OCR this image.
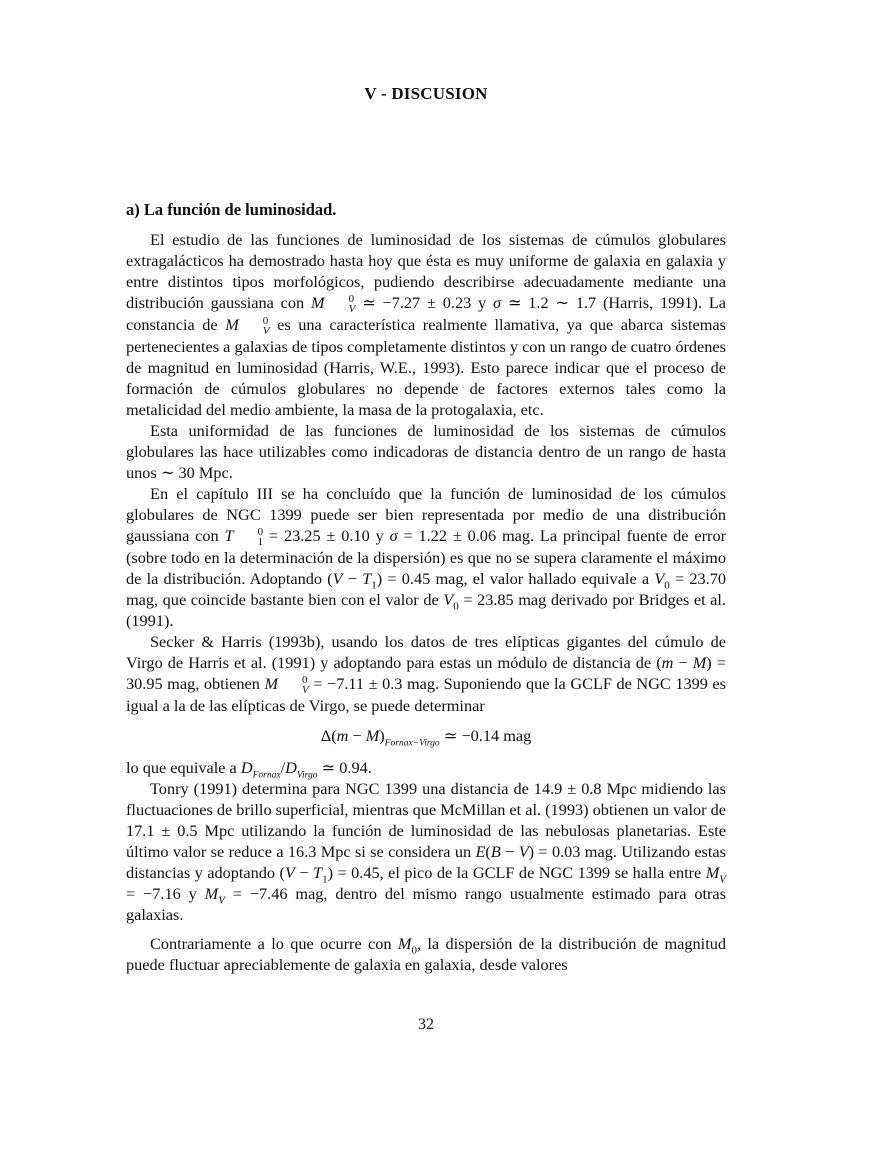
V - DISCUSION
a) La función de luminosidad.

El estudio de las funciones de luminosidad de los sistemas de cúmulos globulares extragalácticos ha demostrado hasta hoy que ésta es muy uniforme de galaxia en galaxia y entre distintos tipos morfológicos, pudiendo describirse adecuadamente mediante una distribución gaussiana con M	0
V ≃ −7.27 ± 0.23 y σ ≃ 1.2 ∼ 1.7 (Harris, 1991). La constancia de M	0
V es una característica realmente llamativa, ya que abarca sistemas pertenecientes a galaxias de tipos completamente distintos y con un rango de cuatro órdenes de magnitud en luminosidad (Harris, W.E., 1993). Esto parece indicar que el proceso de formación de cúmulos globulares no depende de factores externos tales como la metalicidad del medio ambiente, la masa de la protogalaxia, etc.

Esta uniformidad de las funciones de luminosidad de los sistemas de cúmulos globulares las hace utilizables como indicadoras de distancia dentro de un rango de hasta unos ∼ 30 Mpc.

En el capítulo III se ha concluído que la función de luminosidad de los cúmulos globulares de NGC 1399 puede ser bien representada por medio de una distribución gaussiana con T	0
1 = 23.25 ± 0.10 y σ = 1.22 ± 0.06 mag. La principal fuente de error (sobre todo en la determinación de la dispersión) es que no se supera claramente el máximo de la distribución. Adoptando $(V - T_1) = 0.45$ mag, el valor hallado equivale a $V_0 = 23.70$ mag, que coincide bastante bien con el valor de $V_0 = 23.85$ mag derivado por Bridges et al. (1991).

Secker & Harris (1993b), usando los datos de tres elípticas gigantes del cúmulo de Virgo de Harris et al. (1991) y adoptando para estas un módulo de distancia de (m − M) = 30.95 mag, obtienen M	0
V = −7.11 ± 0.3 mag. Suponiendo que la GCLF de NGC 1399 es igual a la de las elípticas de Virgo, se puede determinar

$\Delta(m - M)_{Fornax-Virgo}$ ≃ −0.14 mag

lo que equivale a $D_{Fornax}/D_{Virgo}$ ≃ 0.94.

Tonry (1991) determina para NGC 1399 una distancia de 14.9 ± 0.8 Mpc midiendo las fluctuaciones de brillo superficial, mientras que McMillan et al. (1993) obtienen un valor de 17.1 ± 0.5 Mpc utilizando la función de luminosidad de las nebulosas planetarias. Este último valor se reduce a 16.3 Mpc si se considera un E(B − V) = 0.03 mag. Utilizando estas distancias y adoptando $(V - T_1) = 0.45$, el pico de la GCLF de NGC 1399 se halla entre $M_V = -7.16$ y $M_V = -7.46$ mag, dentro del mismo rango usualmente estimado para otras galaxias.

Contrariamente a lo que ocurre con $M_0$, la dispersión de la distribución de magnitud puede fluctuar apreciablemente de galaxia en galaxia, desde valores

32
